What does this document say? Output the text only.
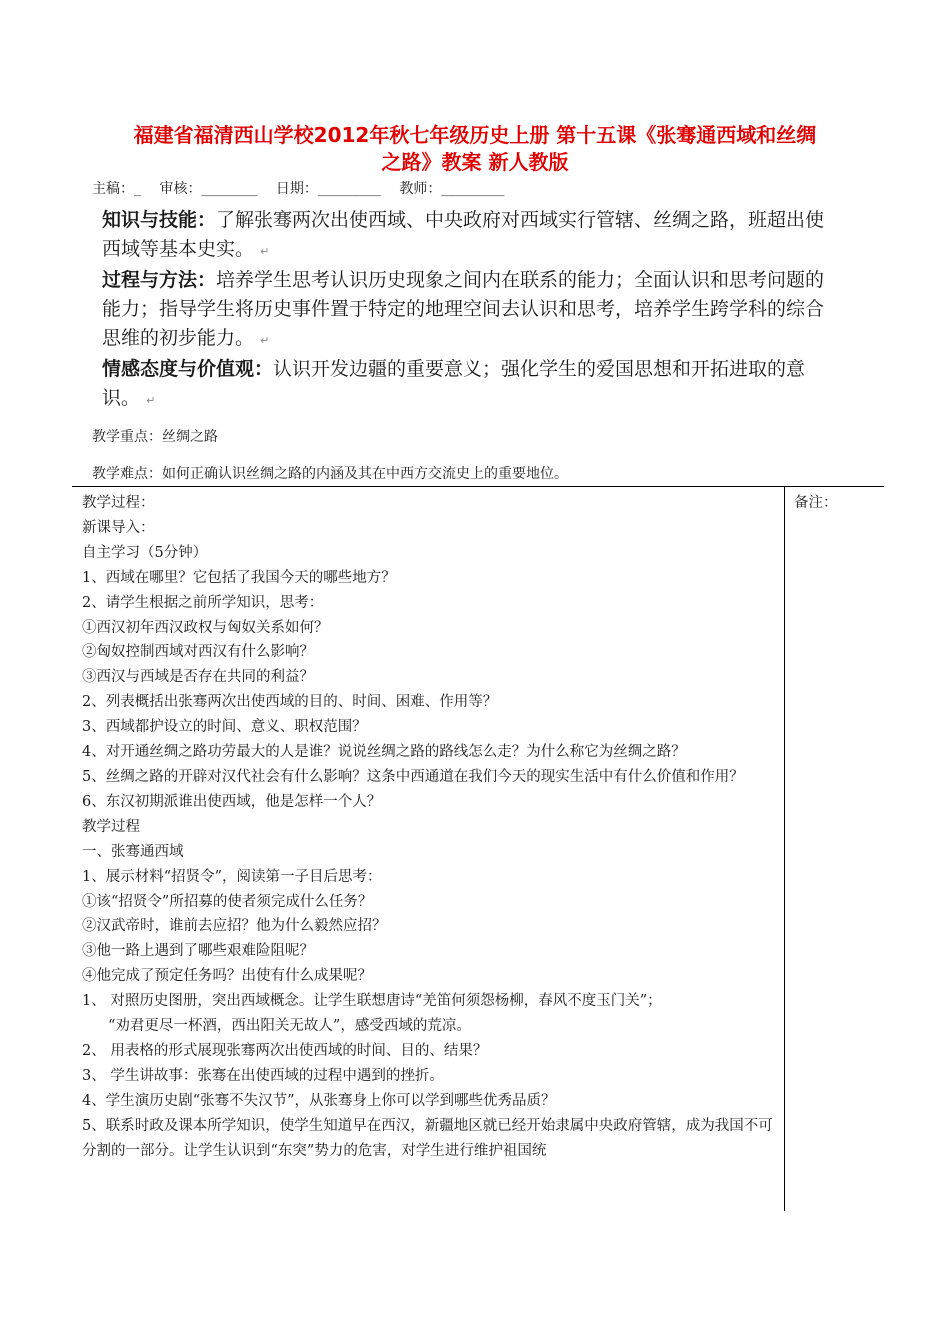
福建省福清西山学校2012年秋七年级历史上册 第十五课《张骞通西域和丝绸
之路》教案 新人教版
主稿：_ 审核：________ 日期：_________ 教师：_________

知识与技能：了解张骞两次出使西域、中央政府对西域实行管辖、丝绸之路，班超出使西域等基本史实。 ↵

过程与方法：培养学生思考认识历史现象之间内在联系的能力；全面认识和思考问题的能力；指导学生将历史事件置于特定的地理空间去认识和思考，培养学生跨学科的综合思维的初步能力。 ↵

情感态度与价值观：认识开发边疆的重要意义；强化学生的爱国思想和开拓进取的意识。 ↵

教学重点：丝绸之路
教学难点：如何正确认识丝绸之路的内涵及其在中西方交流史上的重要地位。
教学过程：
新课导入：
自主学习（5分钟）
1、西域在哪里？它包括了我国今天的哪些地方？
2、请学生根据之前所学知识，思考：
①西汉初年西汉政权与匈奴关系如何？
②匈奴控制西域对西汉有什么影响？
③西汉与西域是否存在共同的利益？
2、列表概括出张骞两次出使西域的目的、时间、困难、作用等？
3、西域都护设立的时间、意义、职权范围？
4、对开通丝绸之路功劳最大的人是谁？说说丝绸之路的路线怎么走？为什么称它为丝绸之路？
5、丝绸之路的开辟对汉代社会有什么影响？这条中西通道在我们今天的现实生活中有什么价值和作用？
6、东汉初期派谁出使西域，他是怎样一个人？
教学过程
一、张骞通西域
1、展示材料“招贤令”，阅读第一子目后思考：
①该“招贤令”所招募的使者须完成什么任务？
②汉武帝时，谁前去应招？他为什么毅然应招？
③他一路上遇到了哪些艰难险阻呢？
④他完成了预定任务吗？出使有什么成果呢？
1、 对照历史图册，突出西域概念。让学生联想唐诗“羌笛何须怨杨柳，春风不度玉门关”；
“劝君更尽一杯酒，西出阳关无故人”，感受西域的荒凉。
2、 用表格的形式展现张骞两次出使西域的时间、目的、结果？
3、 学生讲故事：张骞在出使西域的过程中遇到的挫折。
4、学生演历史剧“张骞不失汉节”，从张骞身上你可以学到哪些优秀品质？
5、联系时政及课本所学知识，使学生知道早在西汉，新疆地区就已经开始隶属中央政府管辖，成为我国不可分割的一部分。让学生认识到“东突”势力的危害，对学生进行维护祖国统
备注：
